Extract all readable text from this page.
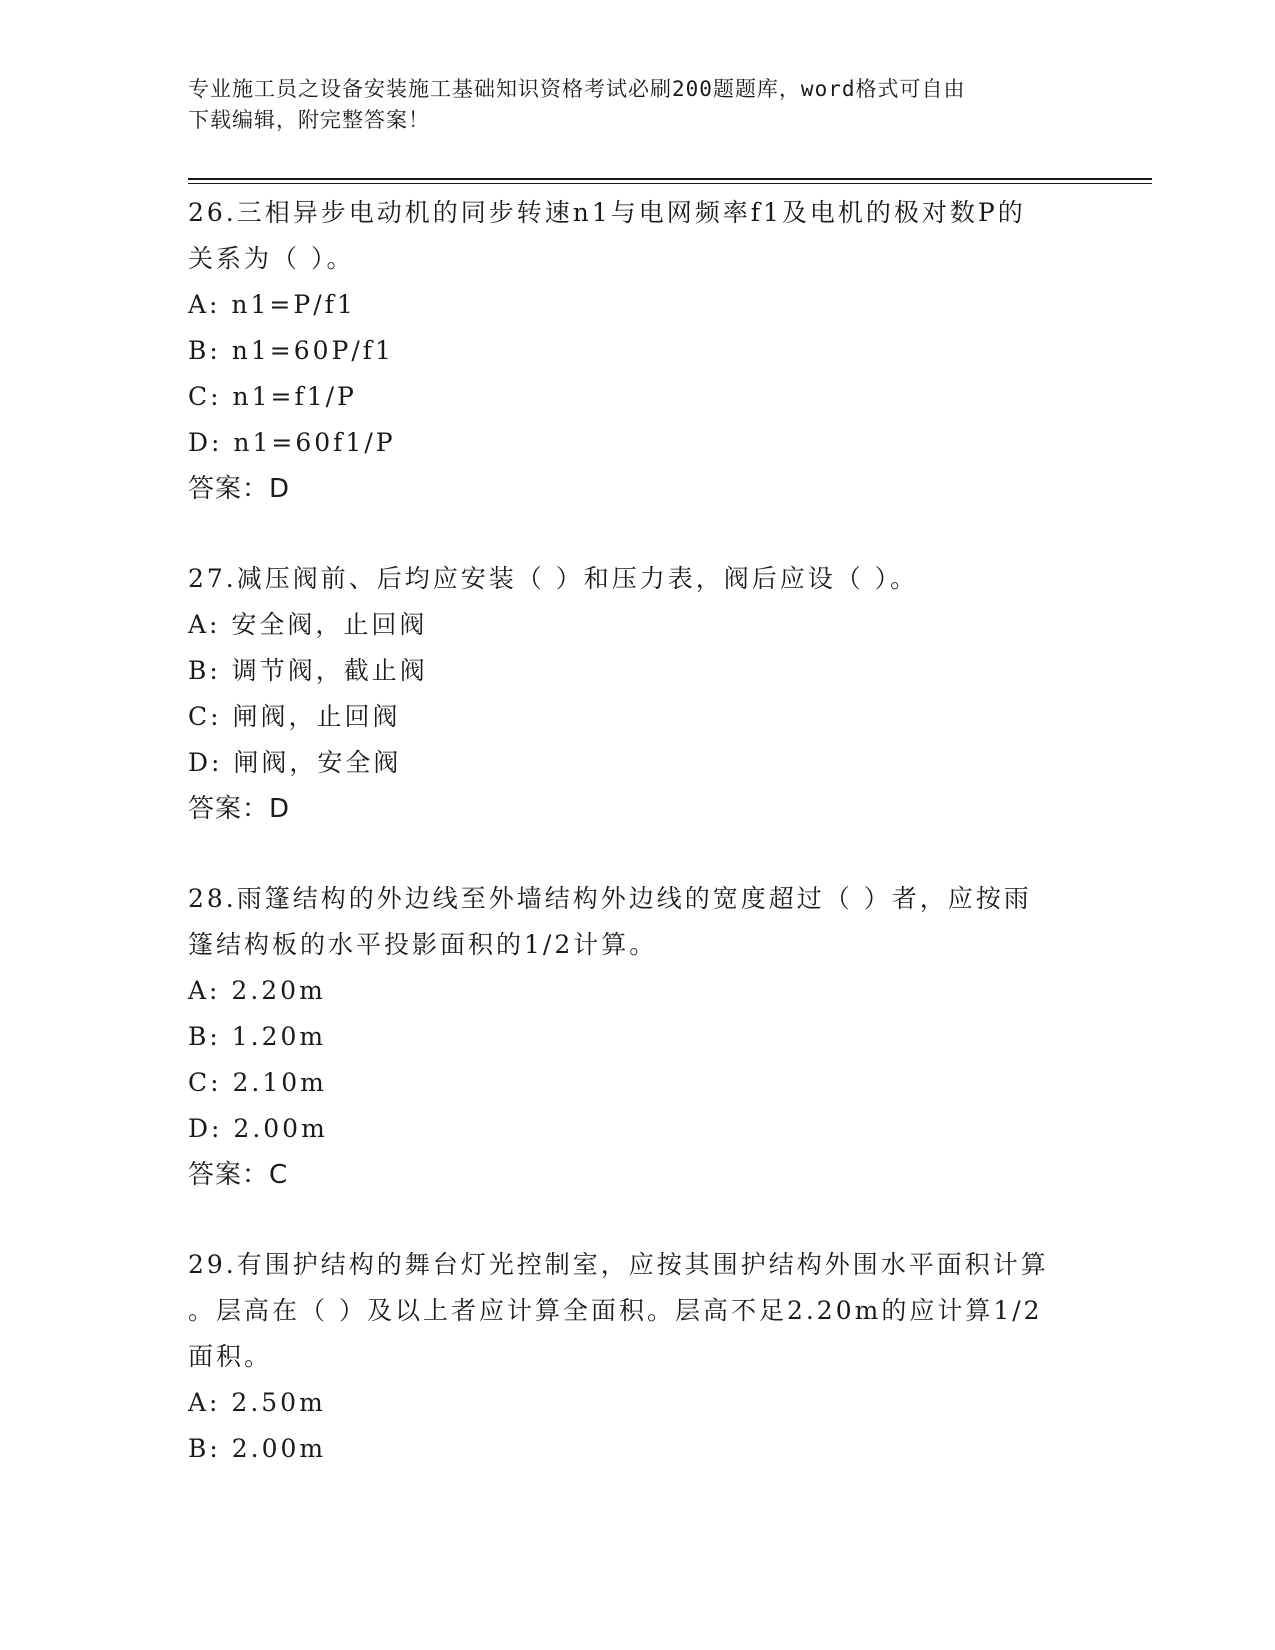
专业施工员之设备安装施工基础知识资格考试必刷200题题库，word格式可自由
下载编辑，附完整答案！
26.三相异步电动机的同步转速n1与电网频率f1及电机的极对数P的
关系为（ ）。
A: n1=P/f1
B: n1=60P/f1
C: n1=f1/P
D: n1=60f1/P
答案：D
27.减压阀前、后均应安装（ ）和压力表，阀后应设（ ）。
A: 安全阀，止回阀
B: 调节阀，截止阀
C: 闸阀，止回阀
D: 闸阀，安全阀
答案：D
28.雨篷结构的外边线至外墙结构外边线的宽度超过（ ）者，应按雨
篷结构板的水平投影面积的1/2计算。
A: 2.20m
B: 1.20m
C: 2.10m
D: 2.00m
答案：C
29.有围护结构的舞台灯光控制室，应按其围护结构外围水平面积计算
。层高在（ ）及以上者应计算全面积。层高不足2.20m的应计算1/2
面积。
A: 2.50m
B: 2.00m
